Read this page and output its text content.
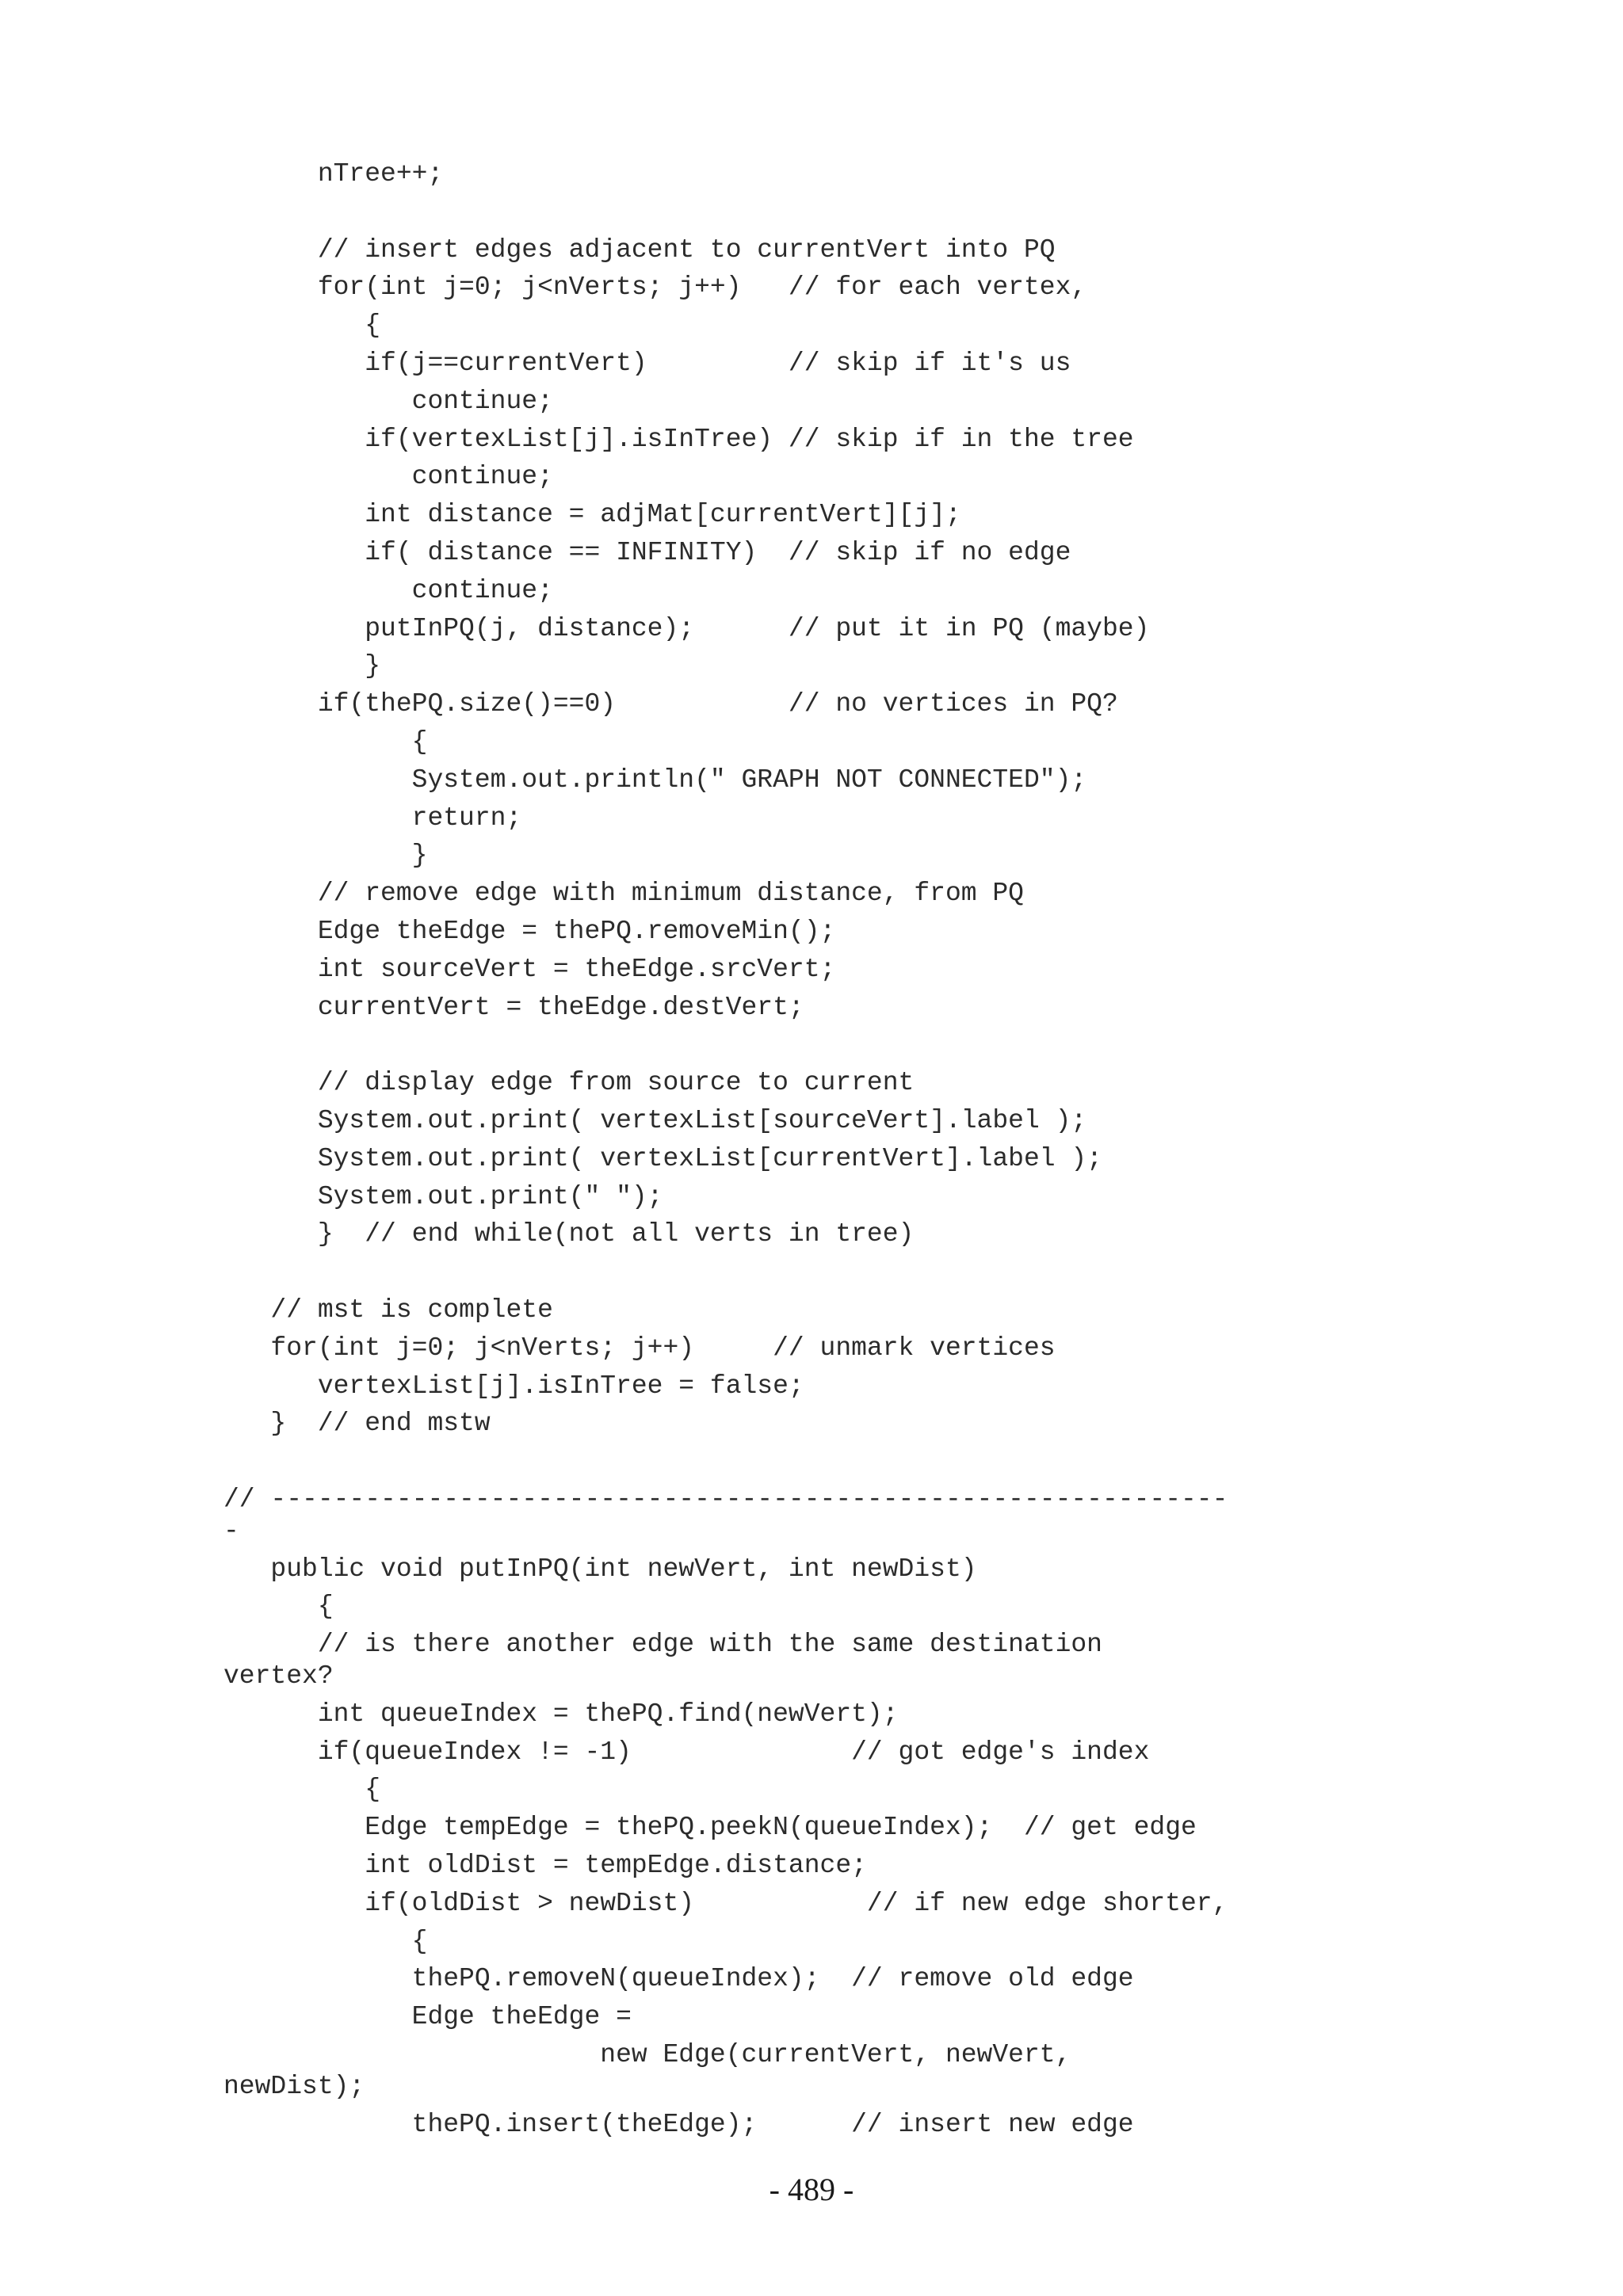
nTree++;
// insert edges adjacent to currentVert into PQ
for(int j=0; j<nVerts; j++)   // for each vertex,
{
if(j==currentVert)         // skip if it's us
continue;
if(vertexList[j].isInTree) // skip if in the tree
continue;
int distance = adjMat[currentVert][j];
if( distance == INFINITY)  // skip if no edge
continue;
putInPQ(j, distance);      // put it in PQ (maybe)
}
if(thePQ.size()==0)           // no vertices in PQ?
{
System.out.println(" GRAPH NOT CONNECTED");
return;
}
// remove edge with minimum distance, from PQ
Edge theEdge = thePQ.removeMin();
int sourceVert = theEdge.srcVert;
currentVert = theEdge.destVert;
// display edge from source to current
System.out.print( vertexList[sourceVert].label );
System.out.print( vertexList[currentVert].label );
System.out.print(" ");
}  // end while(not all verts in tree)
// mst is complete
for(int j=0; j<nVerts; j++)     // unmark vertices
vertexList[j].isInTree = false;
}  // end mstw
// -------------------------------------------------------------
-
public void putInPQ(int newVert, int newDist)
{
// is there another edge with the same destination
vertex?
int queueIndex = thePQ.find(newVert);
if(queueIndex != -1)              // got edge's index
{
Edge tempEdge = thePQ.peekN(queueIndex);  // get edge
int oldDist = tempEdge.distance;
if(oldDist > newDist)           // if new edge shorter,
{
thePQ.removeN(queueIndex);  // remove old edge
Edge theEdge =
new Edge(currentVert, newVert,
newDist);
thePQ.insert(theEdge);      // insert new edge
- 489 -
